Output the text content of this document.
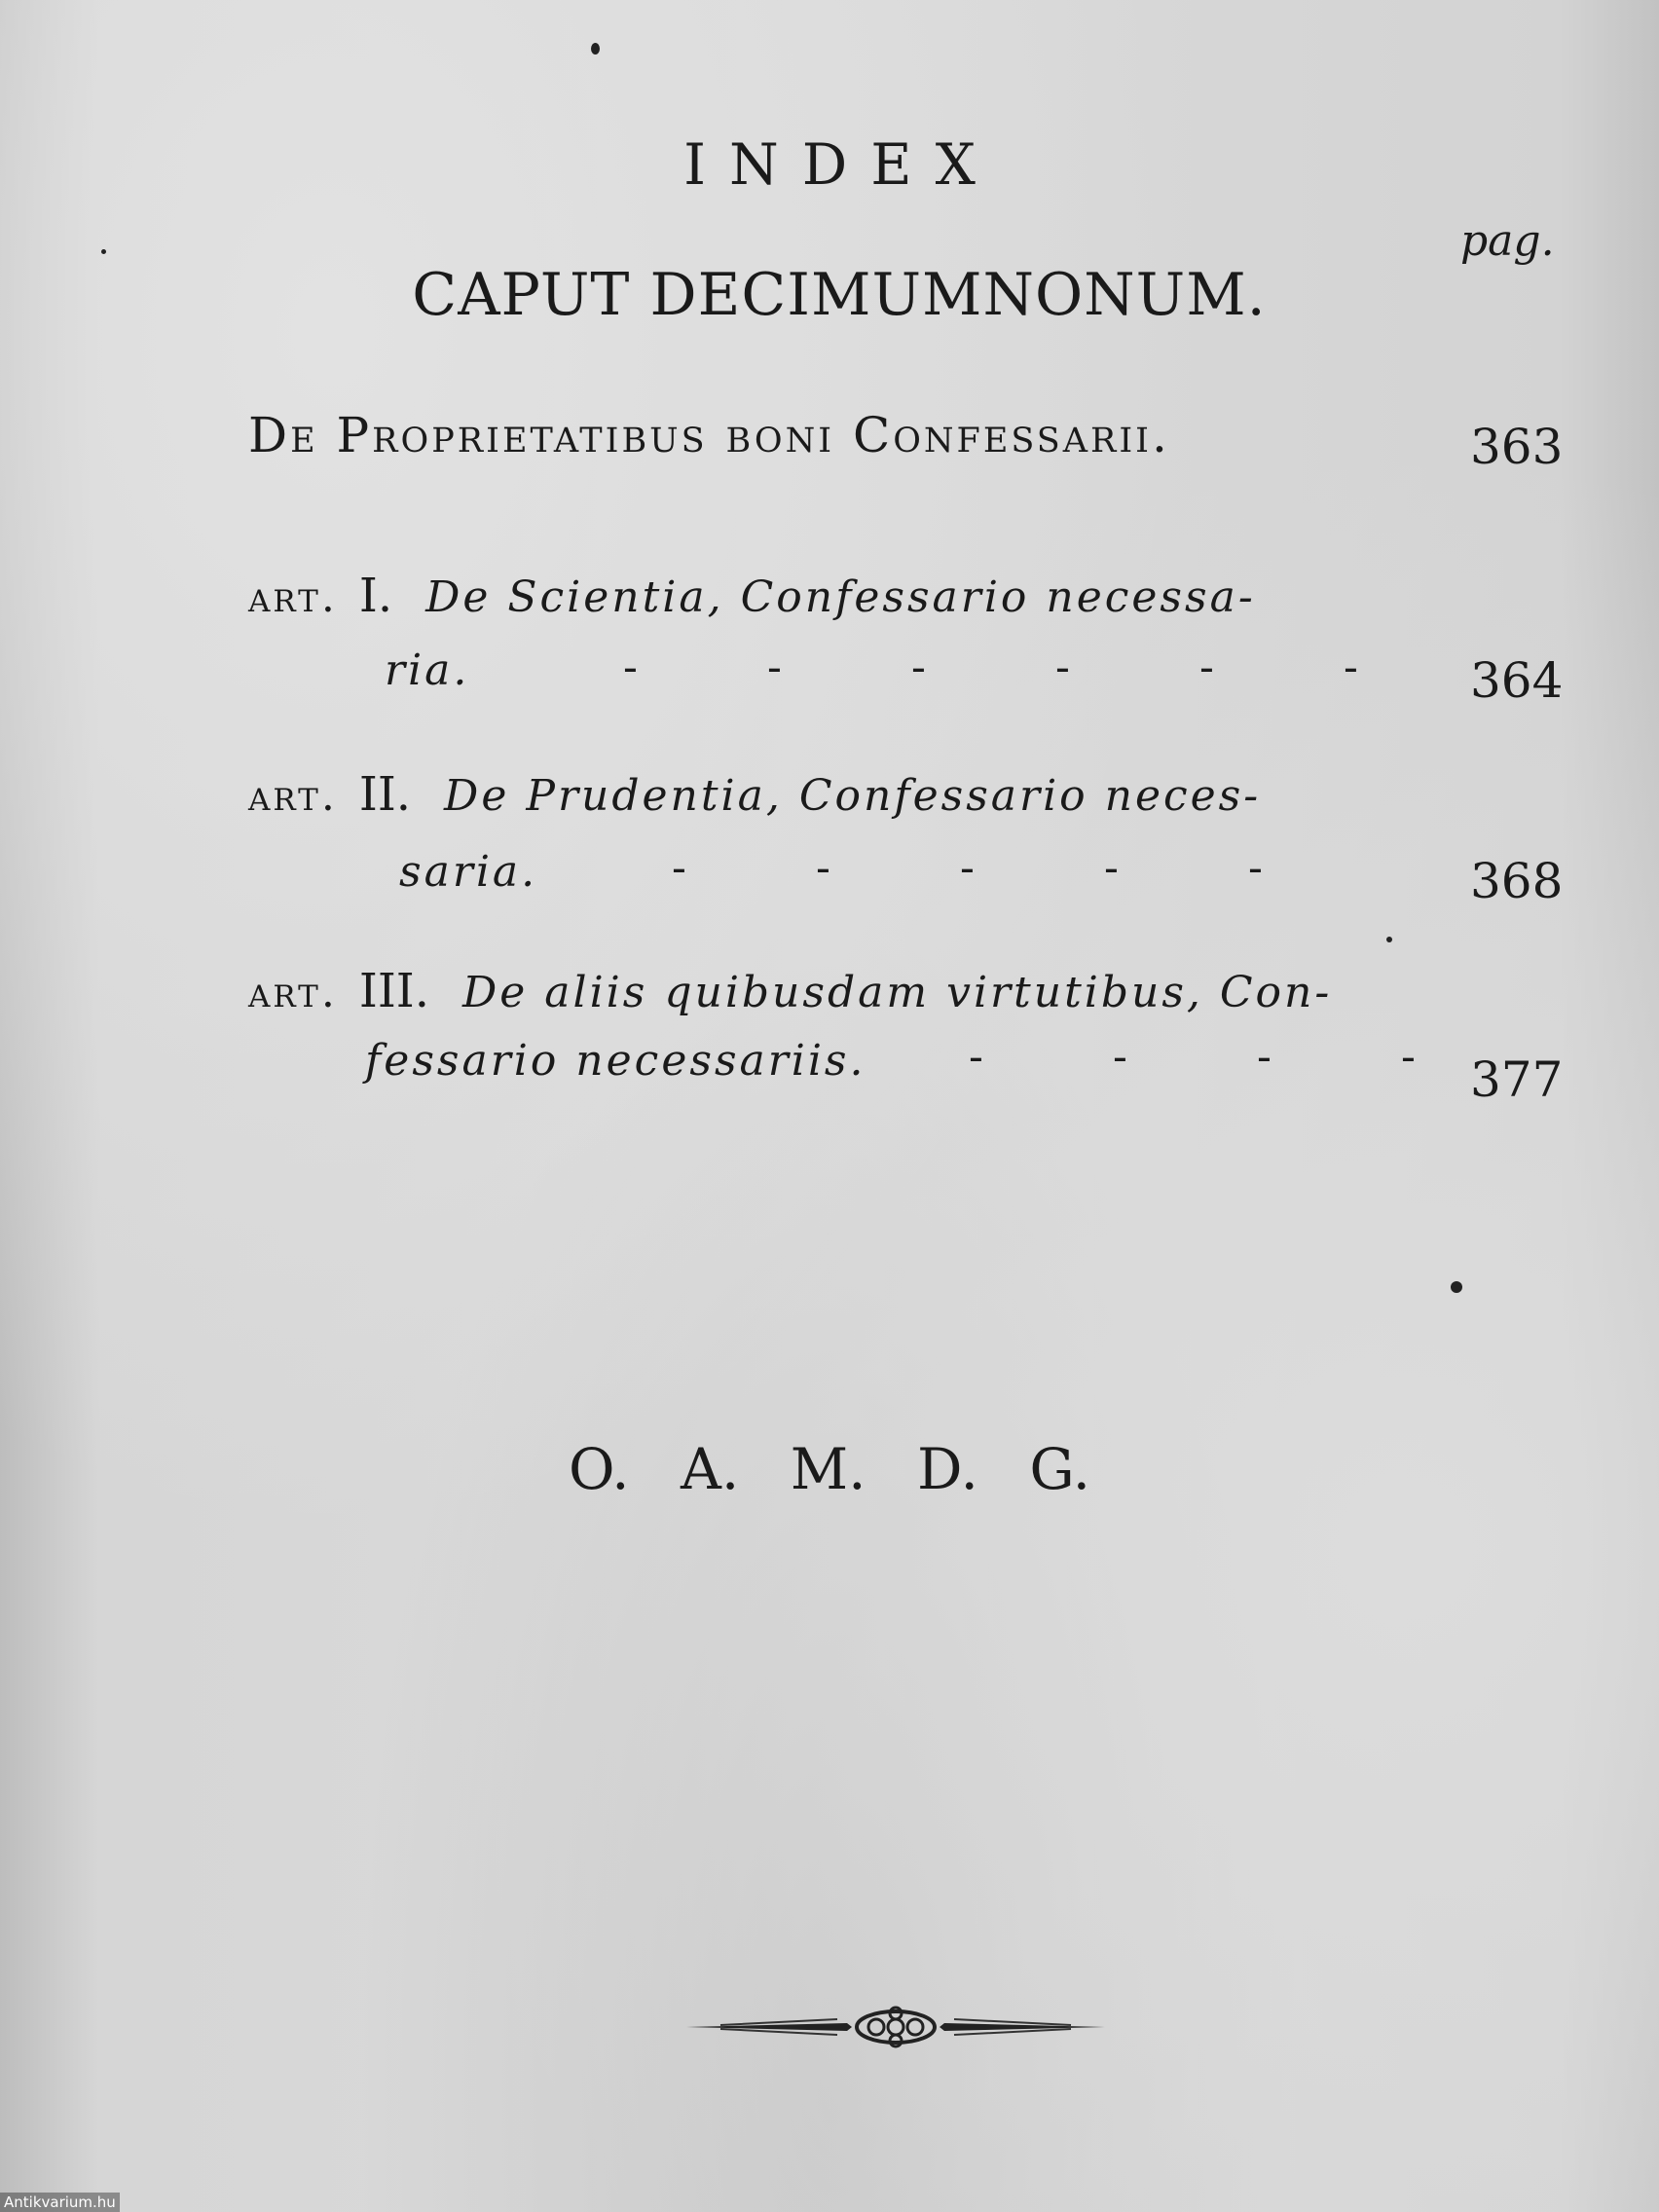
INDEX
pag.
CAPUT DECIMUMNONUM.
De Proprietatibus boni Confessarii.	363
art. I. De Scientia, Confessario necessa-
ria.	-	-	-	-	-	-	364
art. II. De Prudentia, Confessario neces-
saria.	-	-	-	-	-	368
art. III. De aliis quibusdam virtutibus, Con-
fessario necessariis. -	-	-	-	377
O. A. M. D. G.
Antikvarium.hu
